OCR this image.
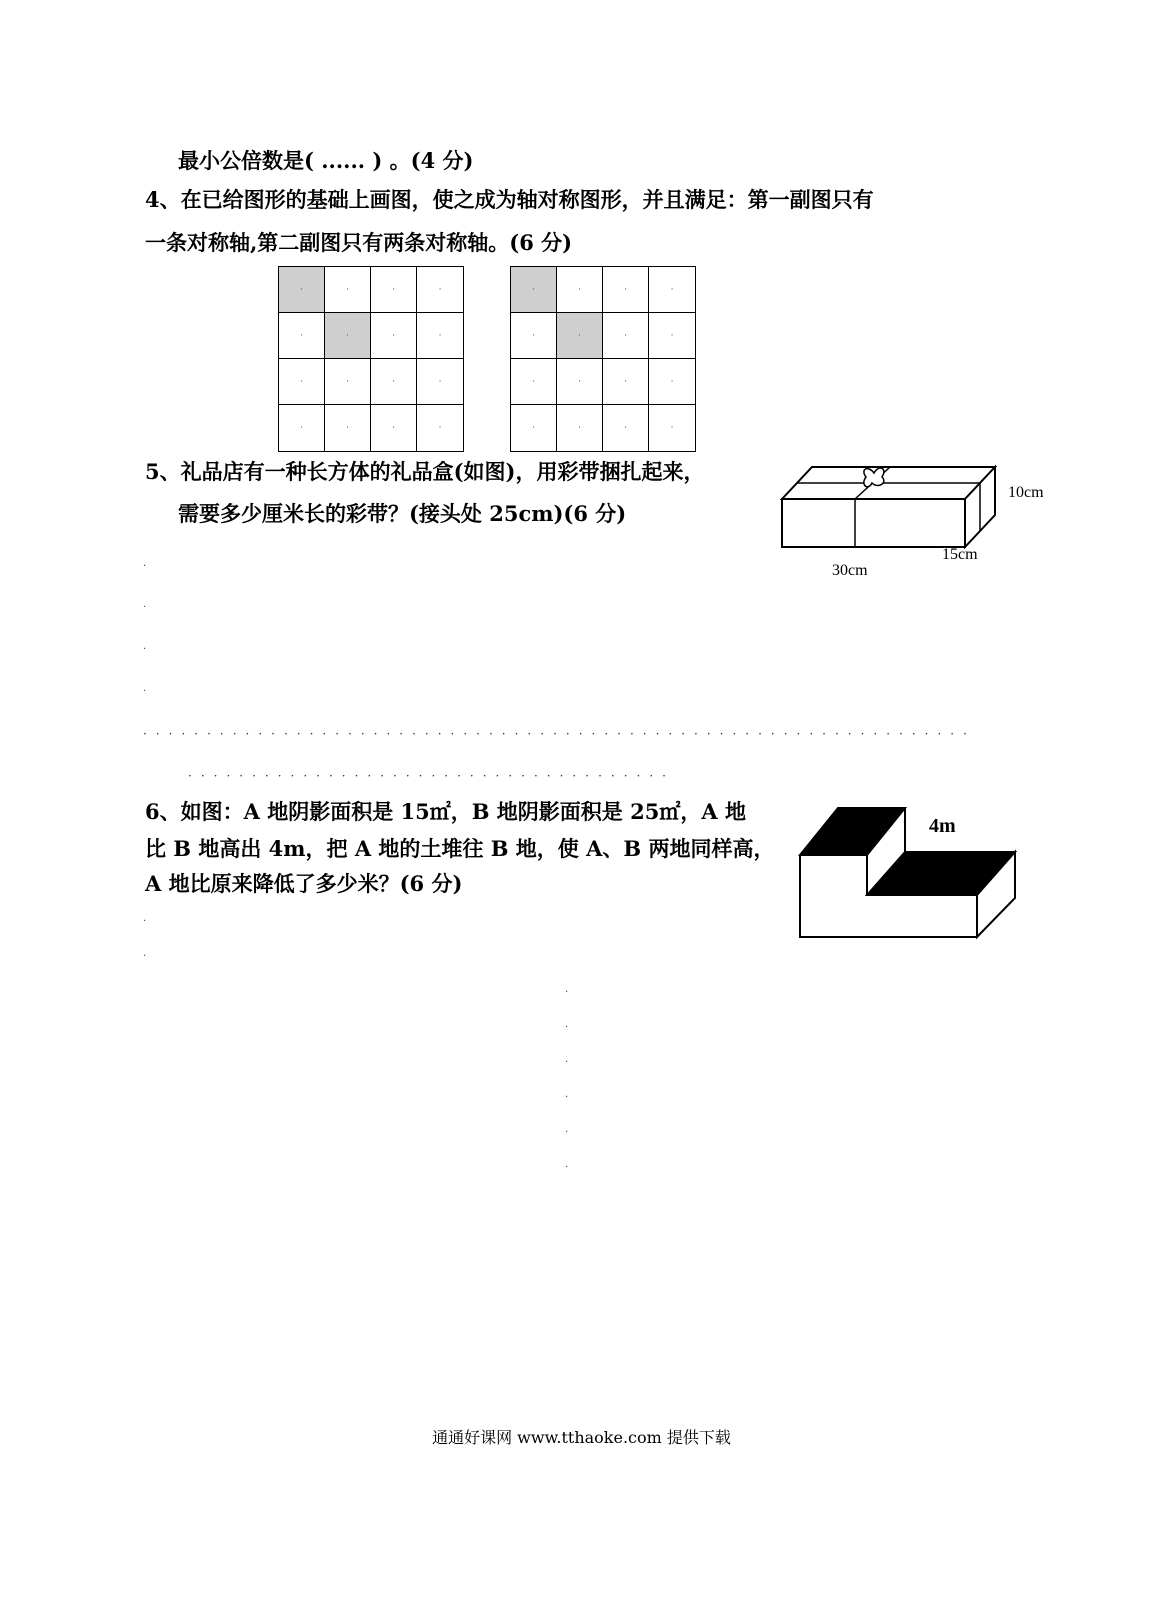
最小公倍数是( ...... ) 。(4 分)
4、在已给图形的基础上画图，使之成为轴对称图形，并且满足：第一副图只有
一条对称轴,第二副图只有两条对称轴。(6 分)
·
·
·
·
·
·
·
·
·
·
·
·
·
·
·
·
·
·
·
·
·
·
·
·
·
·
·
·
·
·
·
·
5、礼品店有一种长方体的礼品盒(如图)，用彩带捆扎起来，
需要多少厘米长的彩带？(接头处 25cm)(6 分)
10cm
15cm
30cm
·
·
·
·
·································································
······································
6、如图：A 地阴影面积是 15㎡，B 地阴影面积是 25㎡，A 地
比 B 地高出 4m，把 A 地的土堆往 B 地，使 A、B 两地同样高，
A 地比原来降低了多少米？(6 分)
4m
·
·
·
·
·
·
·
·
通通好课网 www.tthaoke.com 提供下载
